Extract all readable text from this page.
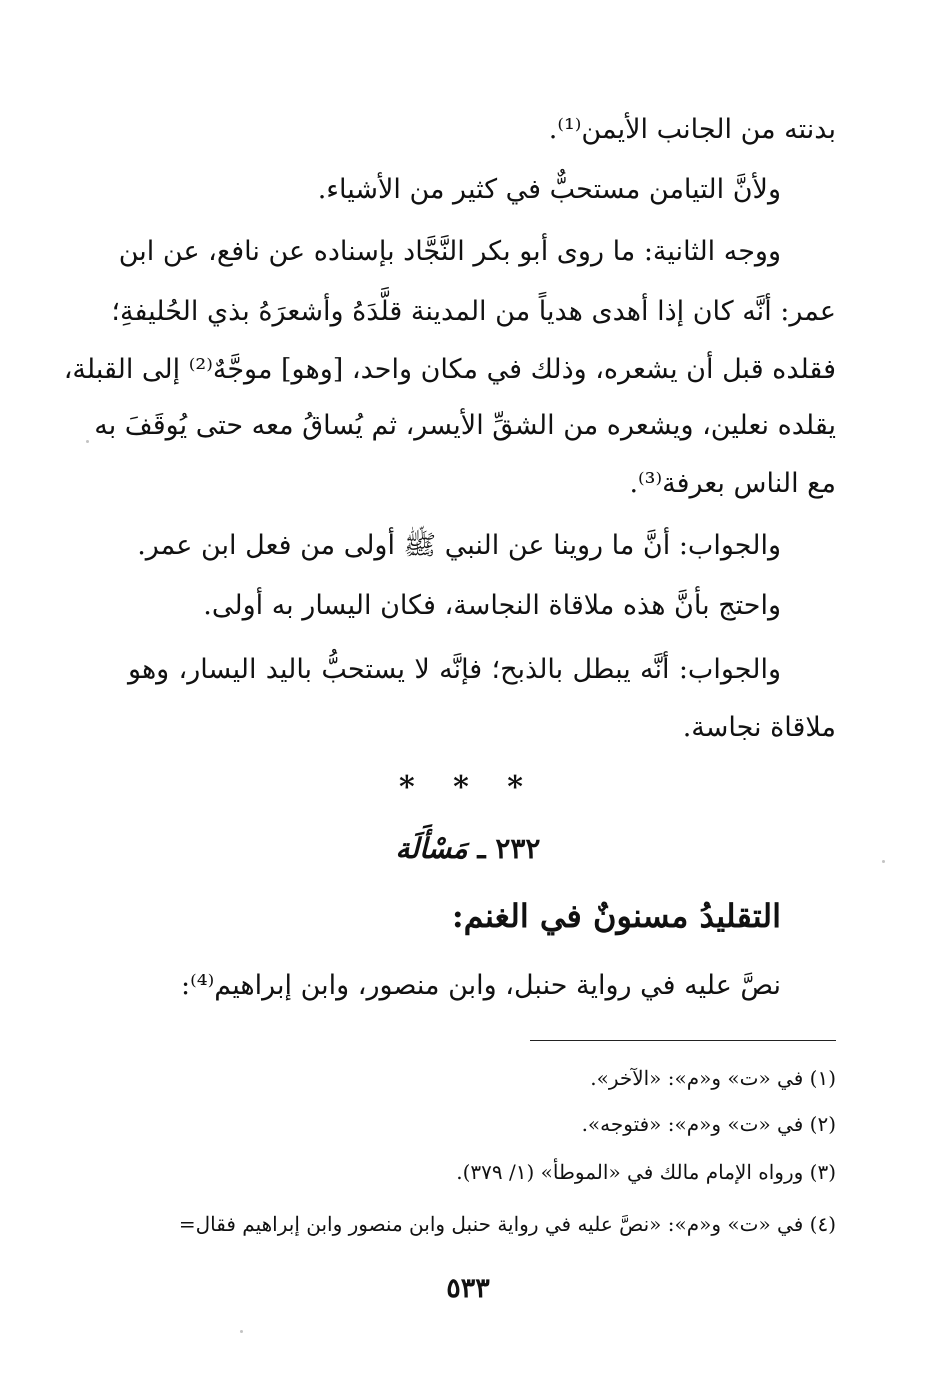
بدنته من الجانب الأيمن⁽¹⁾.
ولأنَّ التيامن مستحبٌّ في كثير من الأشياء.
ووجه الثانية: ما روى أبو بكر النَّجَّاد بإسناده عن نافع، عن ابن
عمر: أنَّه كان إذا أهدى هدياً من المدينة قلَّدَهُ وأشعرَهُ بذي الحُليفةِ؛
فقلده قبل أن يشعره، وذلك في مكان واحد، [وهو] موجَّهٌ⁽²⁾ إلى القبلة،
يقلده نعلين، ويشعره من الشقِّ الأيسر، ثم يُساقُ معه حتى يُوقَفَ به
مع الناس بعرفة⁽³⁾.
والجواب: أنَّ ما روينا عن النبي ﷺ أولى من فعل ابن عمر.
واحتج بأنَّ هذه ملاقاة النجاسة، فكان اليسار به أولى.
والجواب: أنَّه يبطل بالذبح؛ فإنَّه لا يستحبُّ باليد اليسار، وهو
ملاقاة نجاسة.
* * *
٢٣٢ ـ مَسْأَلَة
التقليدُ مسنونٌ في الغنم:
نصَّ عليه في رواية حنبل، وابن منصور، وابن إبراهيم⁽⁴⁾:
(١) في «ت» و«م»: «الآخر».
(٢) في «ت» و«م»: «فتوجه».
(٣) ورواه الإمام مالك في «الموطأ» (١/ ٣٧٩).
(٤) في «ت» و«م»: «نصَّ عليه في رواية حنبل وابن منصور وابن إبراهيم فقال=
٥٣٣
